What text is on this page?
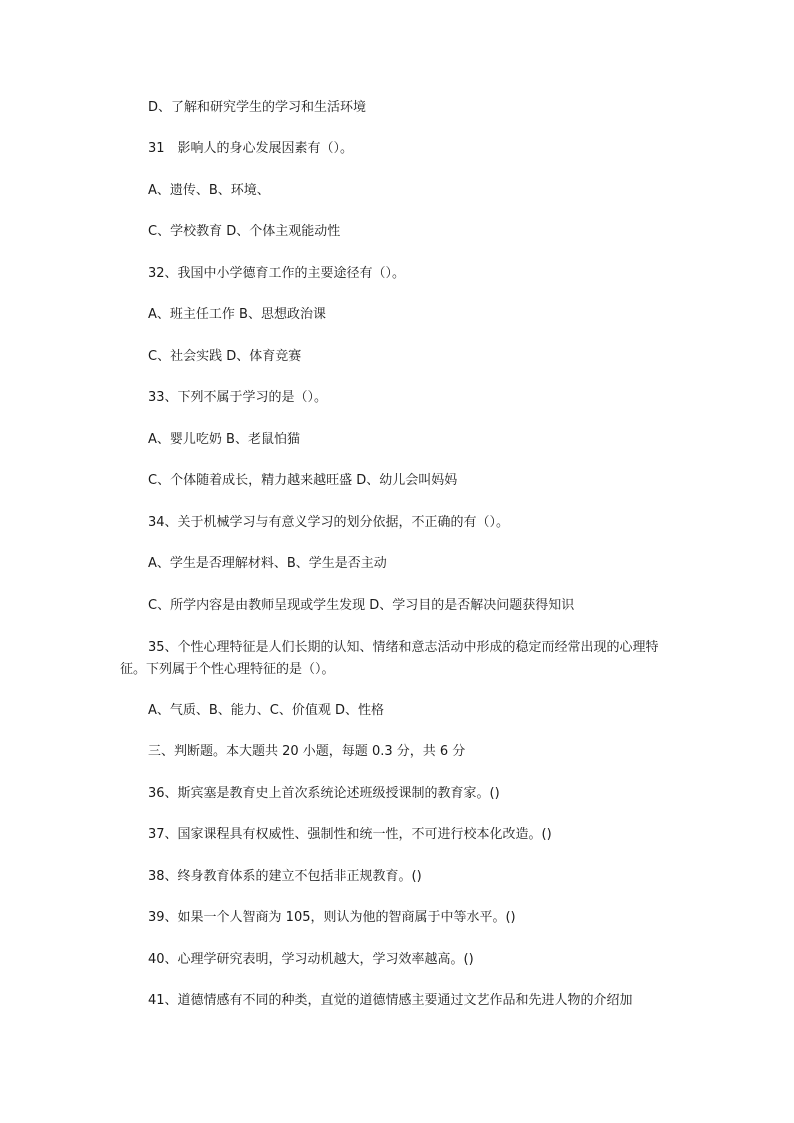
D、了解和研究学生的学习和生活环境

31　影响人的身心发展因素有（）。

A、遗传、B、环境、

C、学校教育 D、个体主观能动性

32、我国中小学德育工作的主要途径有（）。

A、班主任工作 B、思想政治课

C、社会实践 D、体育竞赛

33、下列不属于学习的是（）。

A、婴儿吃奶 B、老鼠怕猫

C、个体随着成长，精力越来越旺盛 D、幼儿会叫妈妈

34、关于机械学习与有意义学习的划分依据，不正确的有（）。

A、学生是否理解材料、B、学生是否主动

C、所学内容是由教师呈现或学生发现 D、学习目的是否解决问题获得知识

35、个性心理特征是人们长期的认知、情绪和意志活动中形成的稳定而经常出现的心理特征。下列属于个性心理特征的是（）。

A、气质、B、能力、C、价值观 D、性格

三、判断题。本大题共 20 小题，每题 0.3 分，共 6 分

36、斯宾塞是教育史上首次系统论述班级授课制的教育家。()

37、国家课程具有权威性、强制性和统一性，不可进行校本化改造。()

38、终身教育体系的建立不包括非正规教育。()

39、如果一个人智商为 105，则认为他的智商属于中等水平。()

40、心理学研究表明，学习动机越大，学习效率越高。()

41、道德情感有不同的种类，直觉的道德情感主要通过文艺作品和先进人物的介绍加
